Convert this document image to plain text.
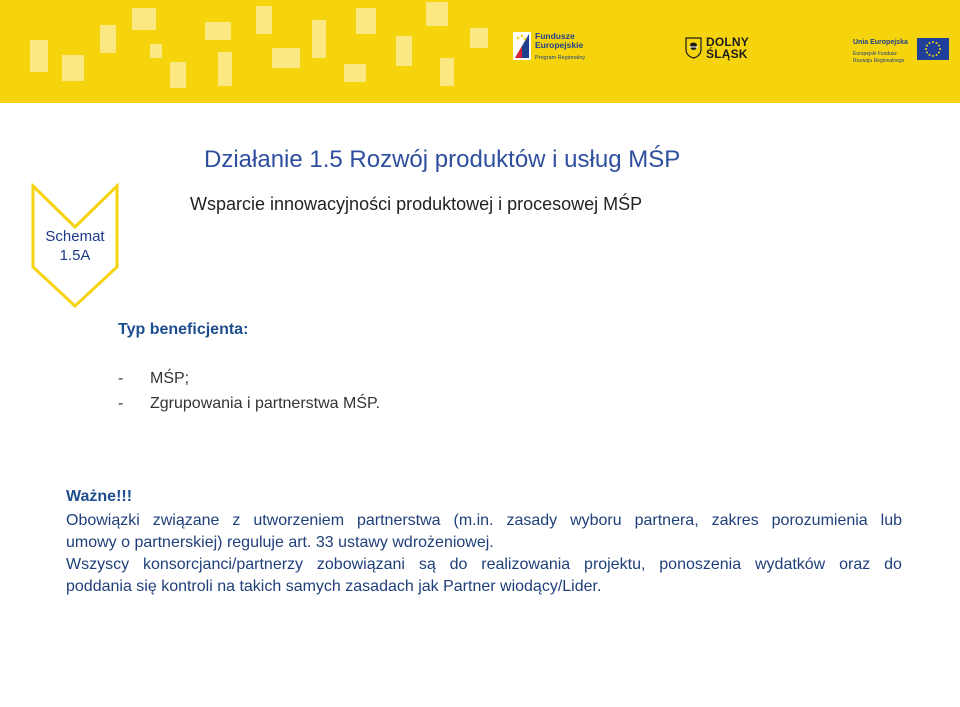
Fundusze
Europejskie
Program Regionalny
DOLNY
ŚLĄSK
Unia Europejska
Europejski Fundusz
Rozwoju Regionalnego
Schemat
1.5A
Działanie 1.5 Rozwój produktów i usług MŚP
Wsparcie innowacyjności produktowej i procesowej MŚP
Typ beneficjenta:
- MŚP;
- Zgrupowania i partnerstwa MŚP.
Ważne!!!
Obowiązki związane z utworzeniem partnerstwa (m.in. zasady wyboru partnera, zakres porozumienia lub
umowy o partnerskiej) reguluje art. 33 ustawy wdrożeniowej.
Wszyscy konsorcjanci/partnerzy zobowiązani są do realizowania projektu, ponoszenia wydatków oraz do
poddania się kontroli na takich samych zasadach jak Partner wiodący/Lider.
